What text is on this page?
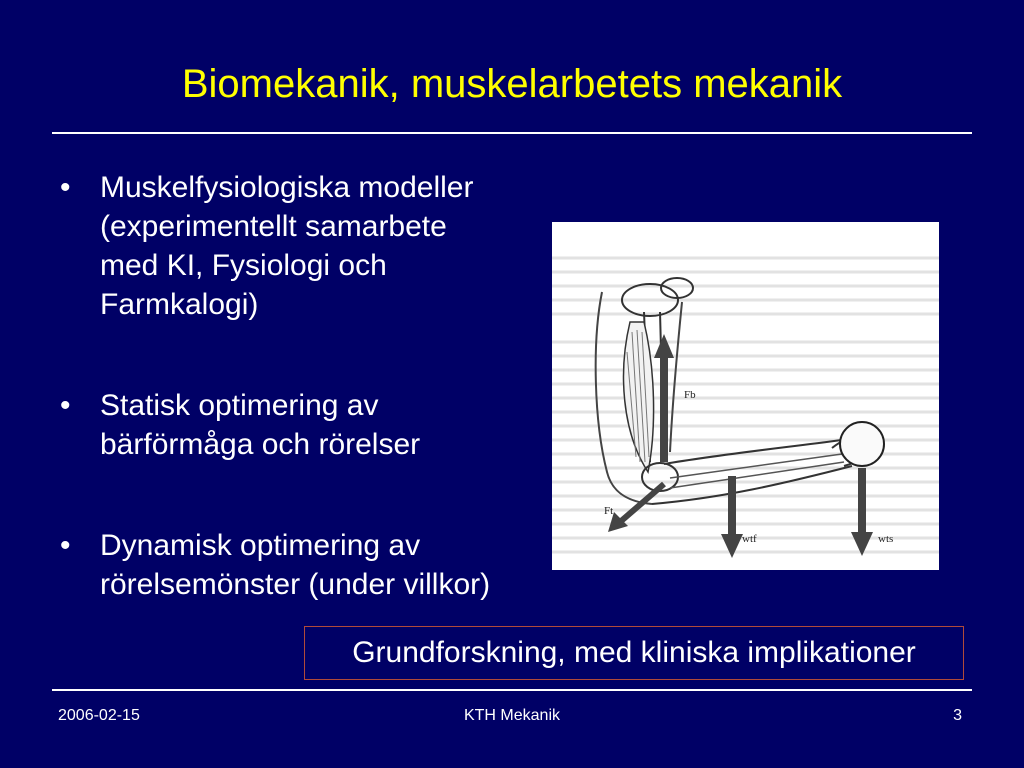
Biomekanik, muskelarbetets mekanik
• Muskelfysiologiska modeller (experimentellt samarbete med KI, Fysiologi och Farmkalogi)
• Statisk optimering av bärförmåga och rörelser
• Dynamisk optimering av rörelsemönster (under villkor)
Fb
Ft
wtf	wts
Grundforskning, med kliniska implikationer
2006-02-15	KTH Mekanik	3
